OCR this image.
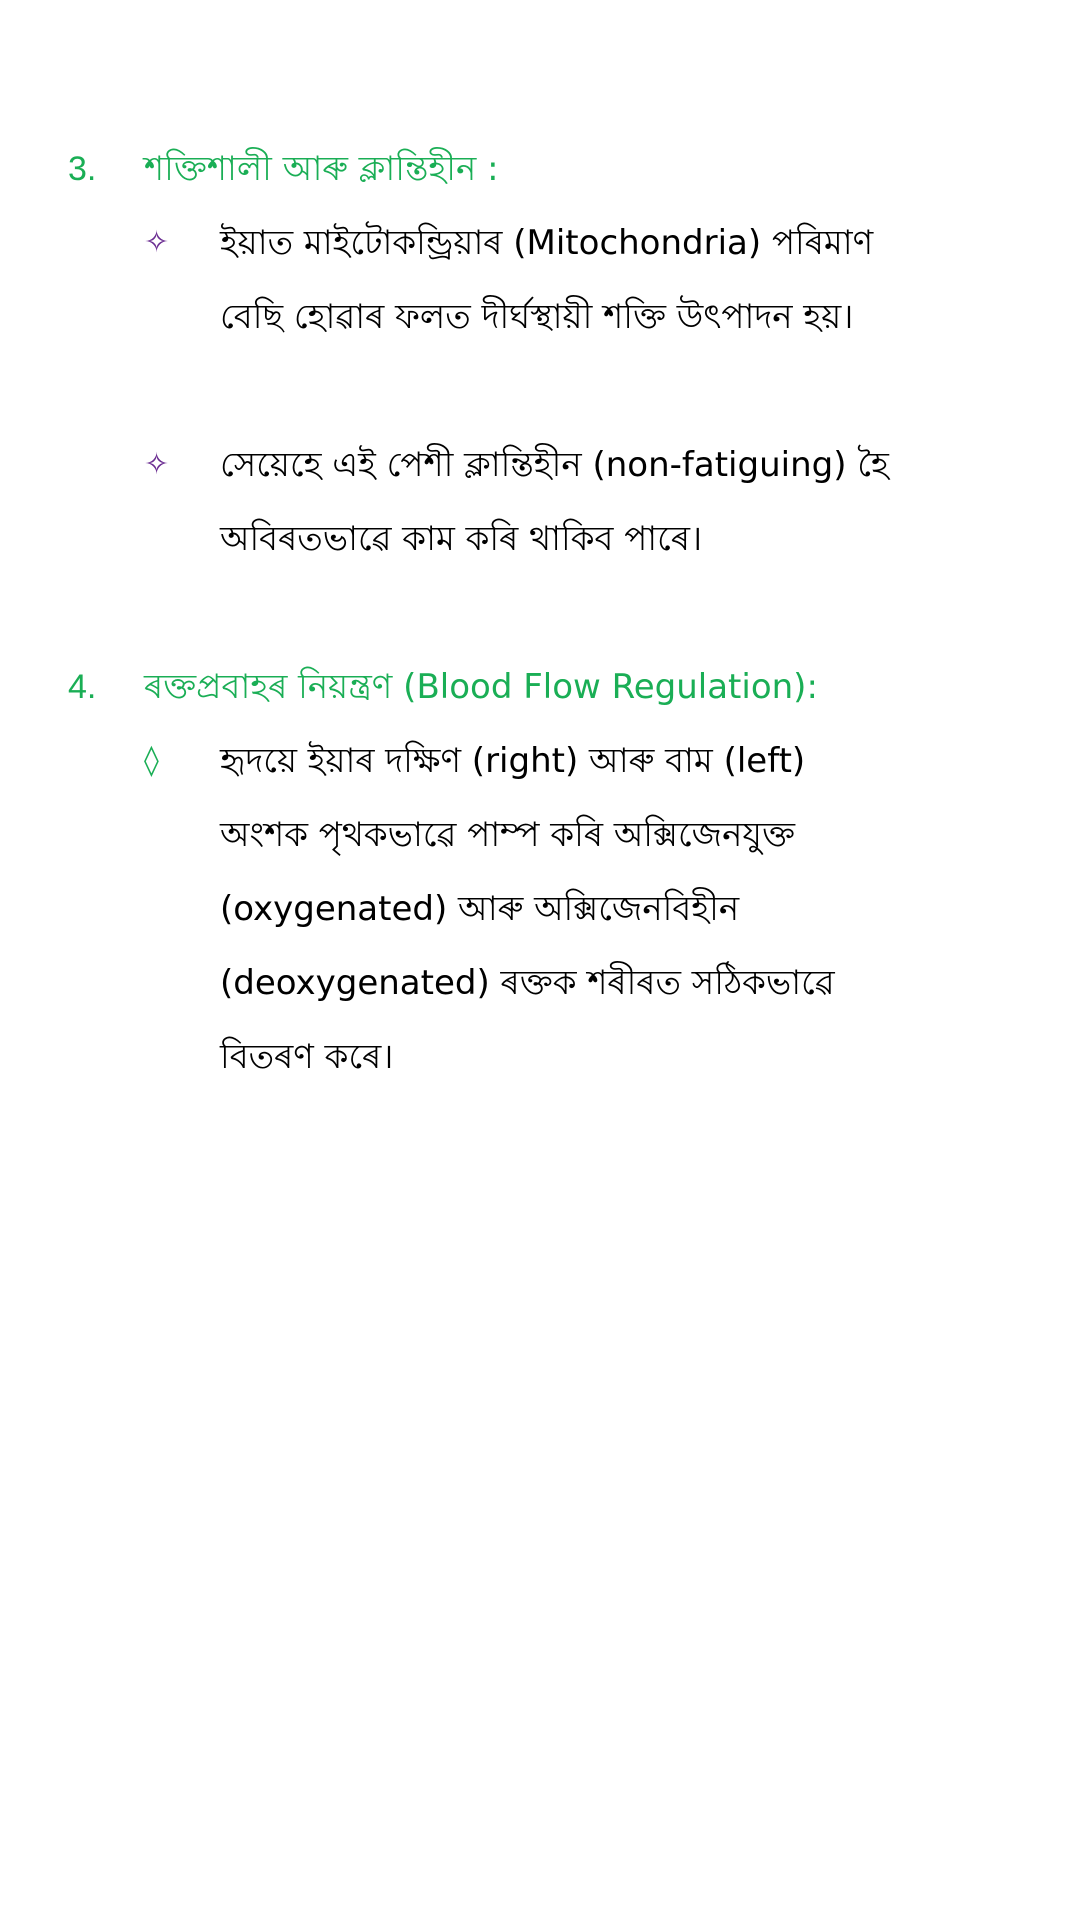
3.	শক্তিশালী আৰু ক্লান্তিহীন :
✧	ইয়াত মাইটোকন্ড্ৰিয়াৰ (Mitochondria) পৰিমাণ
বেছি হোৱাৰ ফলত দীৰ্ঘস্থায়ী শক্তি উৎপাদন হয়।
✧	সেয়েহে এই পেশী ক্লান্তিহীন (non-fatiguing) হৈ
অবিৰতভাৱে কাম কৰি থাকিব পাৰে।
4.	ৰক্তপ্ৰবাহৰ নিয়ন্ত্ৰণ (Blood Flow Regulation):
◊	হৃদয়ে ইয়াৰ দক্ষিণ (right) আৰু বাম (left)
অংশক পৃথকভাৱে পাম্প কৰি অক্সিজেনযুক্ত
(oxygenated) আৰু অক্সিজেনবিহীন
(deoxygenated) ৰক্তক শৰীৰত সঠিকভাৱে
বিতৰণ কৰে।
